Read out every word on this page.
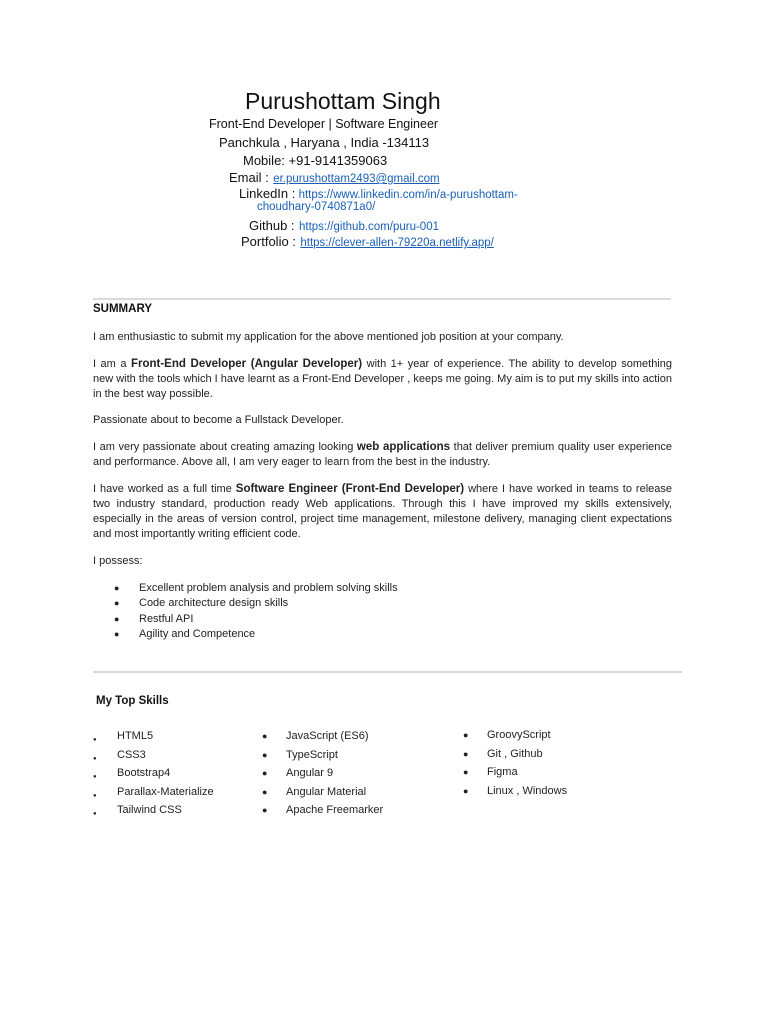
Purushottam Singh
Front-End Developer | Software Engineer
Panchkula , Haryana , India -134113
Mobile: +91-9141359063
Email : er.purushottam2493@gmail.com
LinkedIn : https://www.linkedin.com/in/a-purushottam-
choudhary-0740871a0/
Github : https://github.com/puru-001
Portfolio : https://clever-allen-79220a.netlify.app/
SUMMARY
I am enthusiastic to submit my application for the above mentioned job position at your company.
I am a Front-End Developer (Angular Developer) with 1+ year of experience. The ability to develop something new with the tools which I have learnt as a Front-End Developer , keeps me going. My aim is to put my skills into action in the best way possible.
Passionate about to become a Fullstack Developer.
I am very passionate about creating amazing looking web applications that deliver premium quality user experience and performance. Above all, I am very eager to learn from the best in the industry.
I have worked as a full time Software Engineer (Front-End Developer) where I have worked in teams to release two industry standard, production ready Web applications. Through this I have improved my skills extensively, especially in the areas of version control, project time management, milestone delivery, managing client expectations and most importantly writing efficient code.
I possess:
● Excellent problem analysis and problem solving skills
● Code architecture design skills
● Restful API
● Agility and Competence
My Top Skills
● HTML5
● CSS3
● Bootstrap4
● Parallax-Materialize
● Tailwind CSS
● JavaScript (ES6)
● TypeScript
● Angular 9
● Angular Material
● Apache Freemarker
● GroovyScript
● Git , Github
● Figma
● Linux , Windows
